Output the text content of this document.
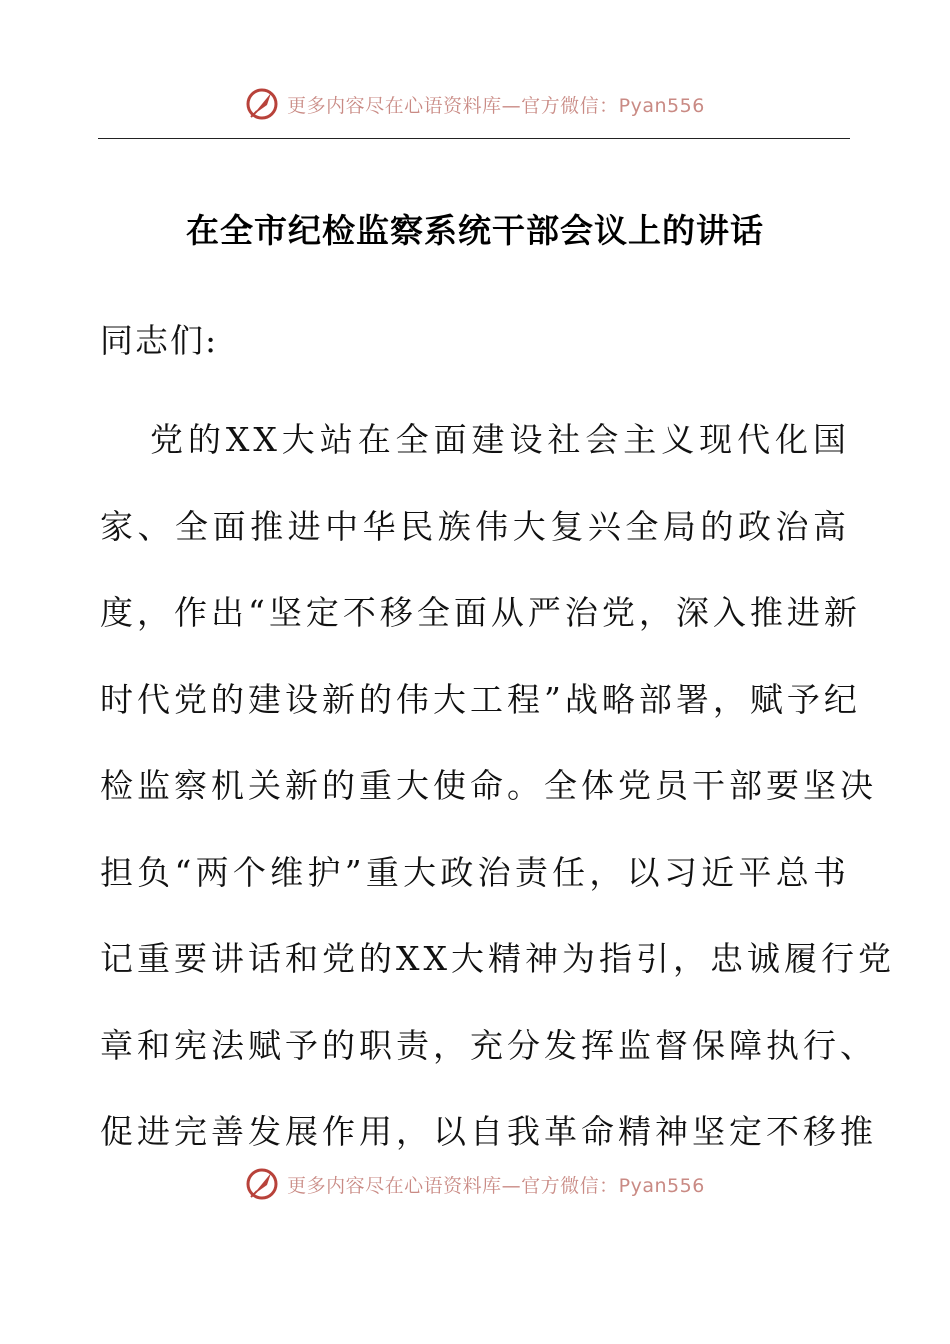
更多内容尽在心语资料库—官方微信：Pyan556
在全市纪检监察系统干部会议上的讲话
同志们:
党的XX大站在全面建设社会主义现代化国
家、全面推进中华民族伟大复兴全局的政治高
度，作出“坚定不移全面从严治党，深入推进新
时代党的建设新的伟大工程”战略部署，赋予纪
检监察机关新的重大使命。全体党员干部要坚决
担负“两个维护”重大政治责任，以习近平总书
记重要讲话和党的XX大精神为指引，忠诚履行党
章和宪法赋予的职责，充分发挥监督保障执行、
促进完善发展作用，以自我革命精神坚定不移推
更多内容尽在心语资料库—官方微信：Pyan556
